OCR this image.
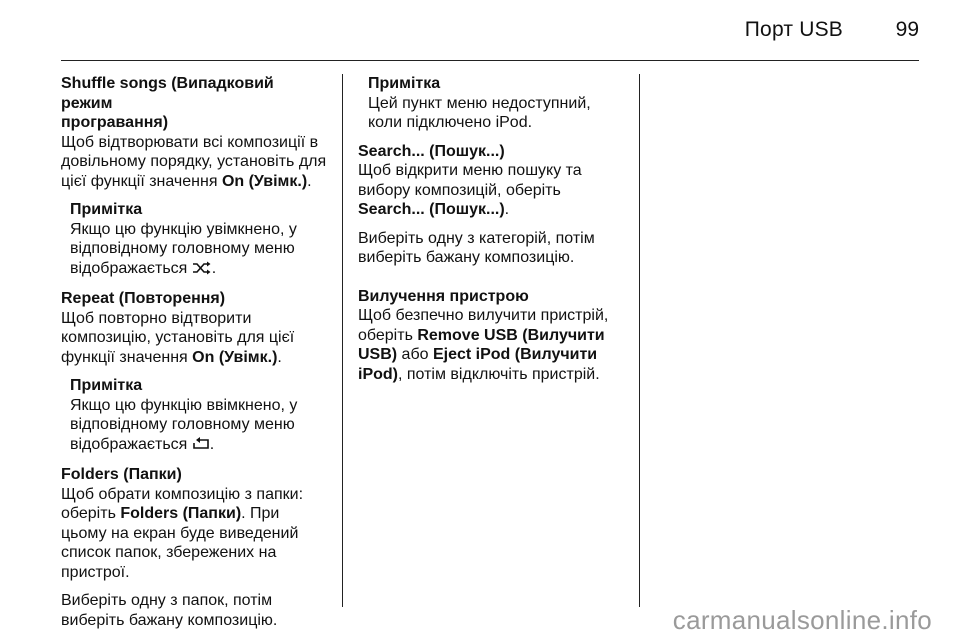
Порт USB	99

Shuffle songs (Випадковий режим
програвання)

Щоб відтворювати всі композиції в довільному порядку, установіть для цієї функції значення On (Увімк.).

Примітка

Якщо цю функцію увімкнено, у відповідному головному меню відображається .

Repeat (Повторення)

Щоб повторно відтворити композицію, установіть для цієї функції значення On (Увімк.).

Примітка

Якщо цю функцію ввімкнено, у відповідному головному меню відображається .

Folders (Папки)

Щоб обрати композицію з папки: оберіть Folders (Папки). При цьому на екран буде виведений список папок, збережених на пристрої.

Виберіть одну з папок, потім виберіть бажану композицію.

Примітка

Цей пункт меню недоступний, коли підключено iPod.

Search... (Пошук...)

Щоб відкрити меню пошуку та вибору композицій, оберіть Search... (Пошук...).

Виберіть одну з категорій, потім виберіть бажану композицію.

Вилучення пристрою

Щоб безпечно вилучити пристрій, оберіть Remove USB (Вилучити USB) або Eject iPod (Вилучити iPod), потім відключіть пристрій.

carmanualsonline.info
